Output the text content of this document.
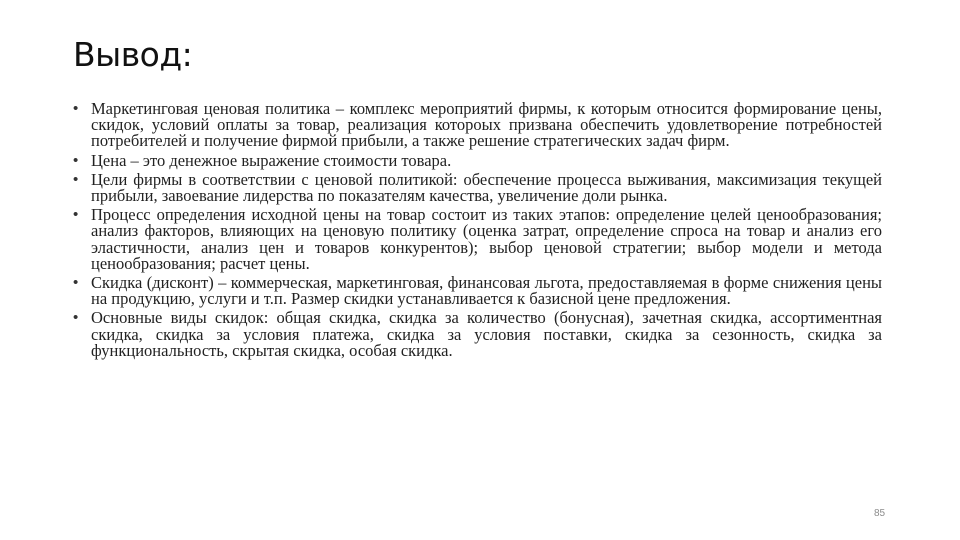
Вывод:
• Маркетинговая ценовая политика – комплекс мероприятий фирмы, к которым относится формирование цены, скидок, условий оплаты за товар, реализация котороых призвана обеспечить удовлетворение потребностей потребителей и получение фирмой прибыли, а также решение стратегических задач фирм.
• Цена – это денежное выражение стоимости товара.
• Цели фирмы в соответствии с ценовой политикой: обеспечение процесса выживания, максимизация текущей прибыли, завоевание лидерства по показателям качества, увеличение доли рынка.
• Процесс определения исходной цены на товар состоит из таких этапов: определение целей ценообразования; анализ факторов, влияющих на ценовую политику (оценка затрат, определение спроса на товар и анализ его эластичности, анализ цен и товаров конкурентов); выбор ценовой стратегии; выбор модели и метода ценообразования; расчет цены.
• Скидка (дисконт) – коммерческая, маркетинговая, финансовая льгота, предоставляемая в форме снижения цены на продукцию, услуги и т.п. Размер скидки устанавливается к базисной цене предложения.
• Основные виды скидок: общая скидка, скидка за количество (бонусная), зачетная скидка, ассортиментная скидка, скидка за условия платежа, скидка за условия поставки, скидка за сезонность, скидка за функциональность, скрытая скидка, особая скидка.
85
